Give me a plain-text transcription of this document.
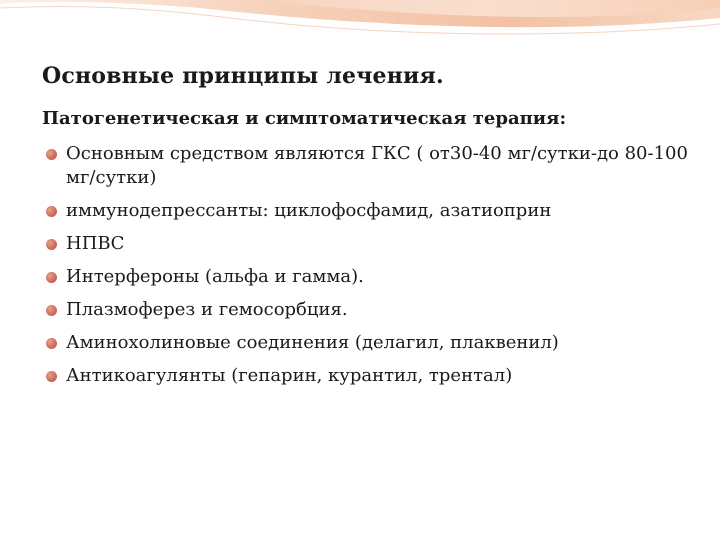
Основные принципы лечения.
Патогенетическая и симптоматическая терапия:
Основным средством являются ГКС ( от30-40 мг/сутки-до 80-100 мг/сутки)
иммунодепрессанты: циклофосфамид, азатиоприн
НПВС
Интерфероны (альфа и гамма).
Плазмоферез и гемосорбция.
Аминохолиновые соединения (делагил, плаквенил)
Антикоагулянты (гепарин, курантил, трентал)
